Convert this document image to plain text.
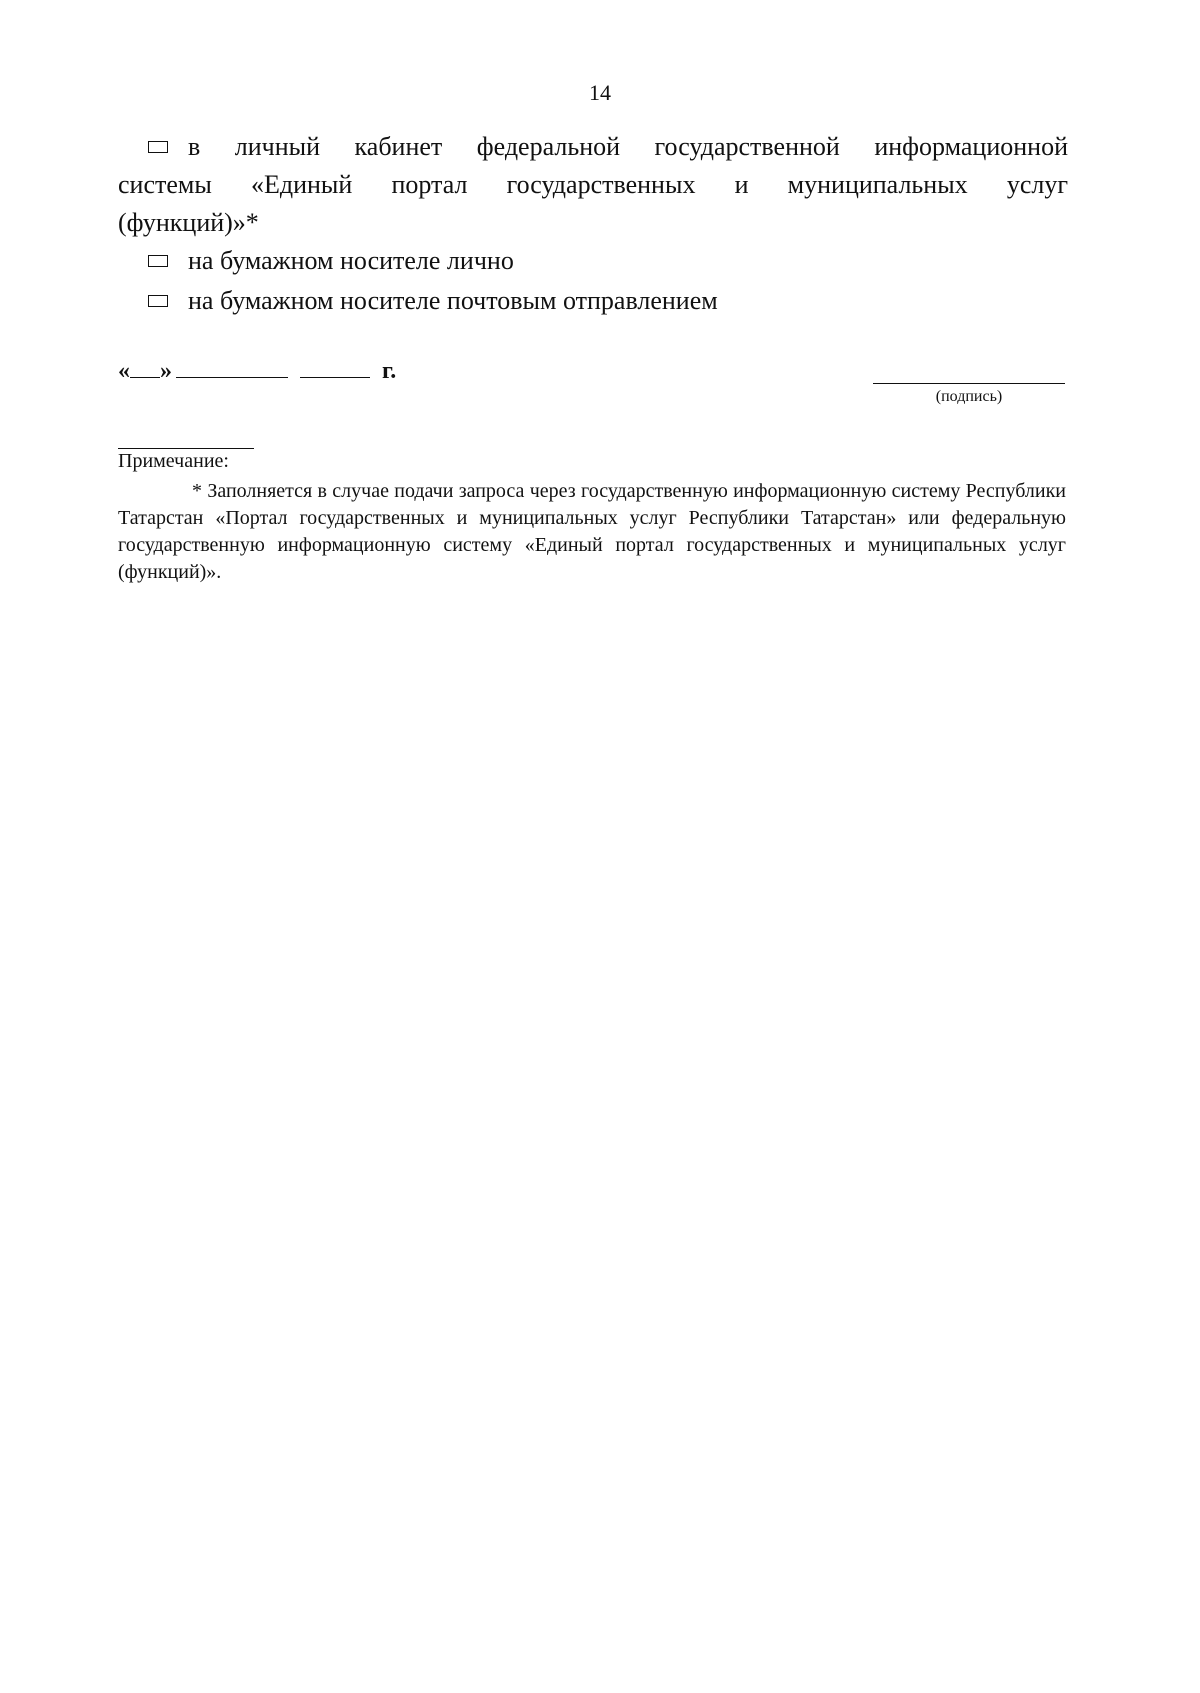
14
в личный кабинет федеральной государственной информационной
системы «Единый портал государственных и муниципальных услуг
(функций)»*
на бумажном носителе лично
на бумажном носителе почтовым отправлением
« »	г.
(подпись)
Примечание:
* Заполняется в случае подачи запроса через государственную информационную систему Республики Татарстан «Портал государственных и муниципальных услуг Республики Татарстан» или федеральную государственную информационную систему «Единый портал государственных и муниципальных услуг (функций)».
